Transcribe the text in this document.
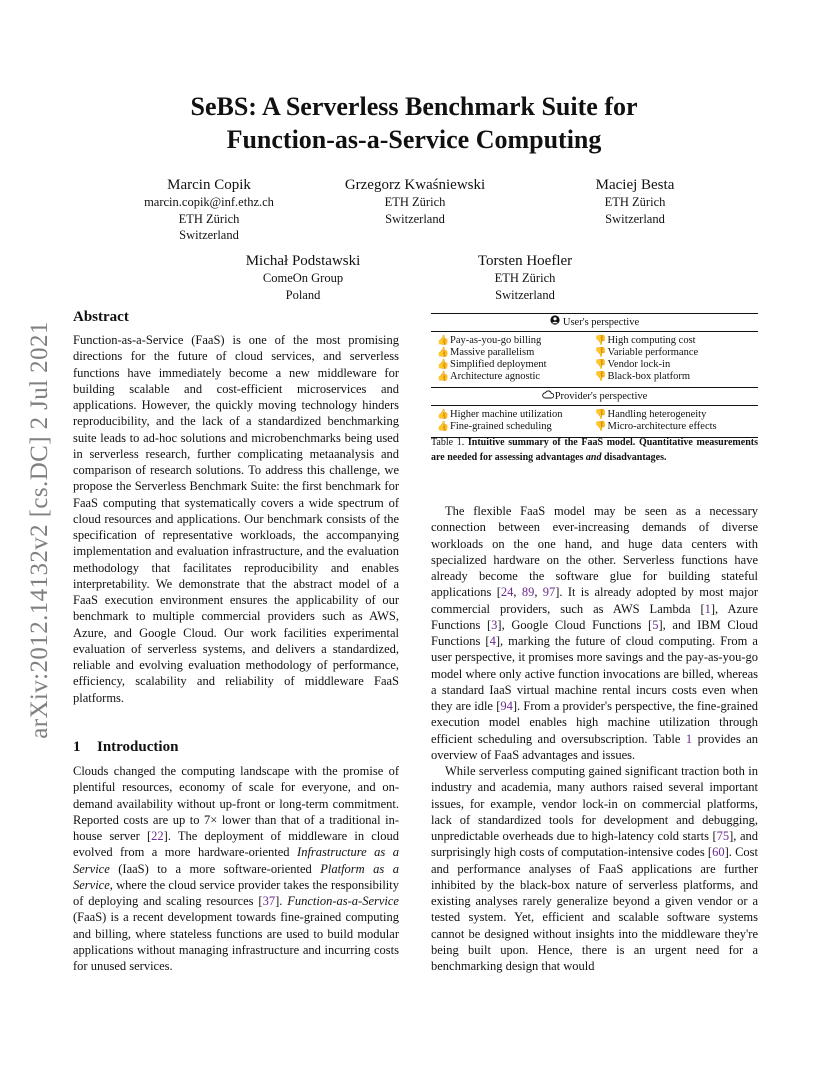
arXiv:2012.14132v2 [cs.DC] 2 Jul 2021
SeBS: A Serverless Benchmark Suite for
Function-as-a-Service Computing
Marcin Copik
marcin.copik@inf.ethz.ch
ETH Zürich
Switzerland
Grzegorz Kwaśniewski
ETH Zürich
Switzerland
Maciej Besta
ETH Zürich
Switzerland
Michał Podstawski
ComeOn Group
Poland
Torsten Hoefler
ETH Zürich
Switzerland
Abstract

Function-as-a-Service (FaaS) is one of the most promising directions for the future of cloud services, and serverless functions have immediately become a new middleware for building scalable and cost-efficient microservices and applications. However, the quickly moving technology hinders reproducibility, and the lack of a standardized benchmarking suite leads to ad-hoc solutions and microbenchmarks being used in serverless research, further complicating metaanalysis and comparison of research solutions. To address this challenge, we propose the Serverless Benchmark Suite: the first benchmark for FaaS computing that systematically covers a wide spectrum of cloud resources and applications. Our benchmark consists of the specification of representative workloads, the accompanying implementation and evaluation infrastructure, and the evaluation methodology that facilitates reproducibility and enables interpretability. We demonstrate that the abstract model of a FaaS execution environment ensures the applicability of our benchmark to multiple commercial providers such as AWS, Azure, and Google Cloud. Our work facilities experimental evaluation of serverless systems, and delivers a standardized, reliable and evolving evaluation methodology of performance, efficiency, scalability and reliability of middleware FaaS platforms.

1 Introduction

Clouds changed the computing landscape with the promise of plentiful resources, economy of scale for everyone, and on-demand availability without up-front or long-term commitment. Reported costs are up to 7× lower than that of a traditional in-house server [22]. The deployment of middleware in cloud evolved from a more hardware-oriented Infrastructure as a Service (IaaS) to a more software-oriented Platform as a Service, where the cloud service provider takes the responsibility of deploying and scaling resources [37]. Function-as-a-Service (FaaS) is a recent development towards fine-grained computing and billing, where stateless functions are used to build modular applications without managing infrastructure and incurring costs for unused services.

User's perspective
👍Pay-as-you-go billing
👍Massive parallelism
👍Simplified deployment
👍Architecture agnostic
👎High computing cost
👎Variable performance
👎Vendor lock-in
👎Black-box platform
Provider's perspective
👍Higher machine utilization
👍Fine-grained scheduling
👎Handling heterogeneity
👎Micro-architecture effects
Table 1. Intuitive summary of the FaaS model. Quantitative measurements are needed for assessing advantages and disadvantages.

The flexible FaaS model may be seen as a necessary connection between ever-increasing demands of diverse workloads on the one hand, and huge data centers with specialized hardware on the other. Serverless functions have already become the software glue for building stateful applications [24, 89, 97]. It is already adopted by most major commercial providers, such as AWS Lambda [1], Azure Functions [3], Google Cloud Functions [5], and IBM Cloud Functions [4], marking the future of cloud computing. From a user perspective, it promises more savings and the pay-as-you-go model where only active function invocations are billed, whereas a standard IaaS virtual machine rental incurs costs even when they are idle [94]. From a provider's perspective, the fine-grained execution model enables high machine utilization through efficient scheduling and oversubscription. Table 1 provides an overview of FaaS advantages and issues.

While serverless computing gained significant traction both in industry and academia, many authors raised several important issues, for example, vendor lock-in on commercial platforms, lack of standardized tools for development and debugging, unpredictable overheads due to high-latency cold starts [75], and surprisingly high costs of computation-intensive codes [60]. Cost and performance analyses of FaaS applications are further inhibited by the black-box nature of serverless platforms, and existing analyses rarely generalize beyond a given vendor or a tested system. Yet, efficient and scalable software systems cannot be designed without insights into the middleware they're being built upon. Hence, there is an urgent need for a benchmarking design that would
